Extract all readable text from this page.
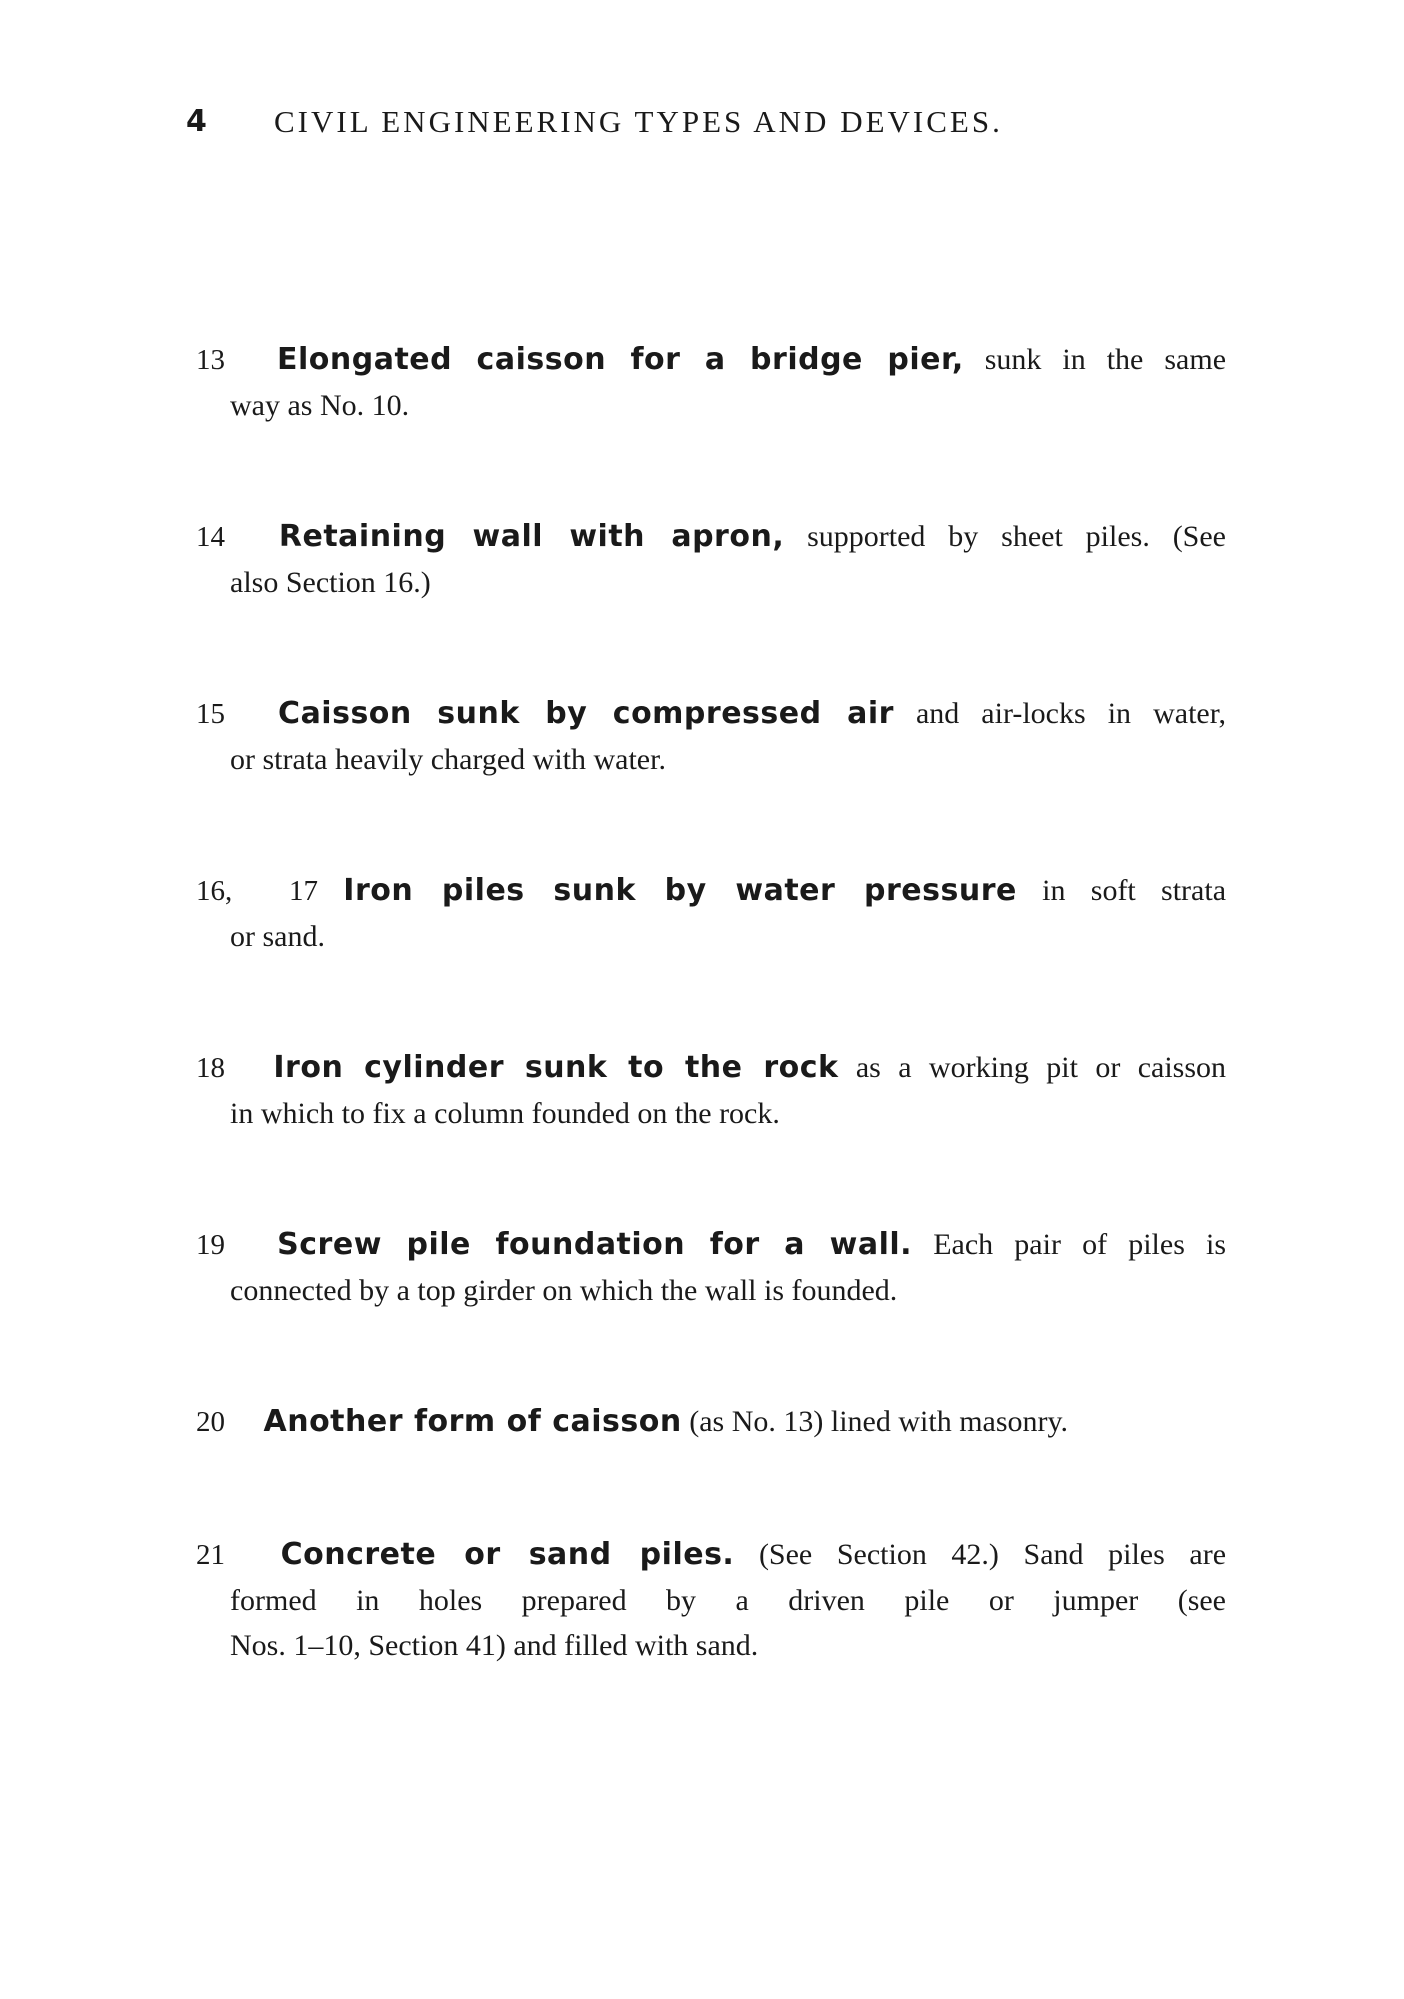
4 CIVIL ENGINEERING TYPES AND DEVICES.
13 Elongated caisson for a bridge pier, sunk in the same
way as No. 10.
14 Retaining wall with apron, supported by sheet piles. (See
also Section 16.)
15 Caisson sunk by compressed air and air-locks in water,
or strata heavily charged with water.
16, 17 Iron piles sunk by water pressure in soft strata
or sand.
18 Iron cylinder sunk to the rock as a working pit or caisson
in which to fix a column founded on the rock.
19 Screw pile foundation for a wall. Each pair of piles is
connected by a top girder on which the wall is founded.
20 Another form of caisson (as No. 13) lined with masonry.
21 Concrete or sand piles. (See Section 42.) Sand piles are
formed in holes prepared by a driven pile or jumper (see
Nos. 1–10, Section 41) and filled with sand.
